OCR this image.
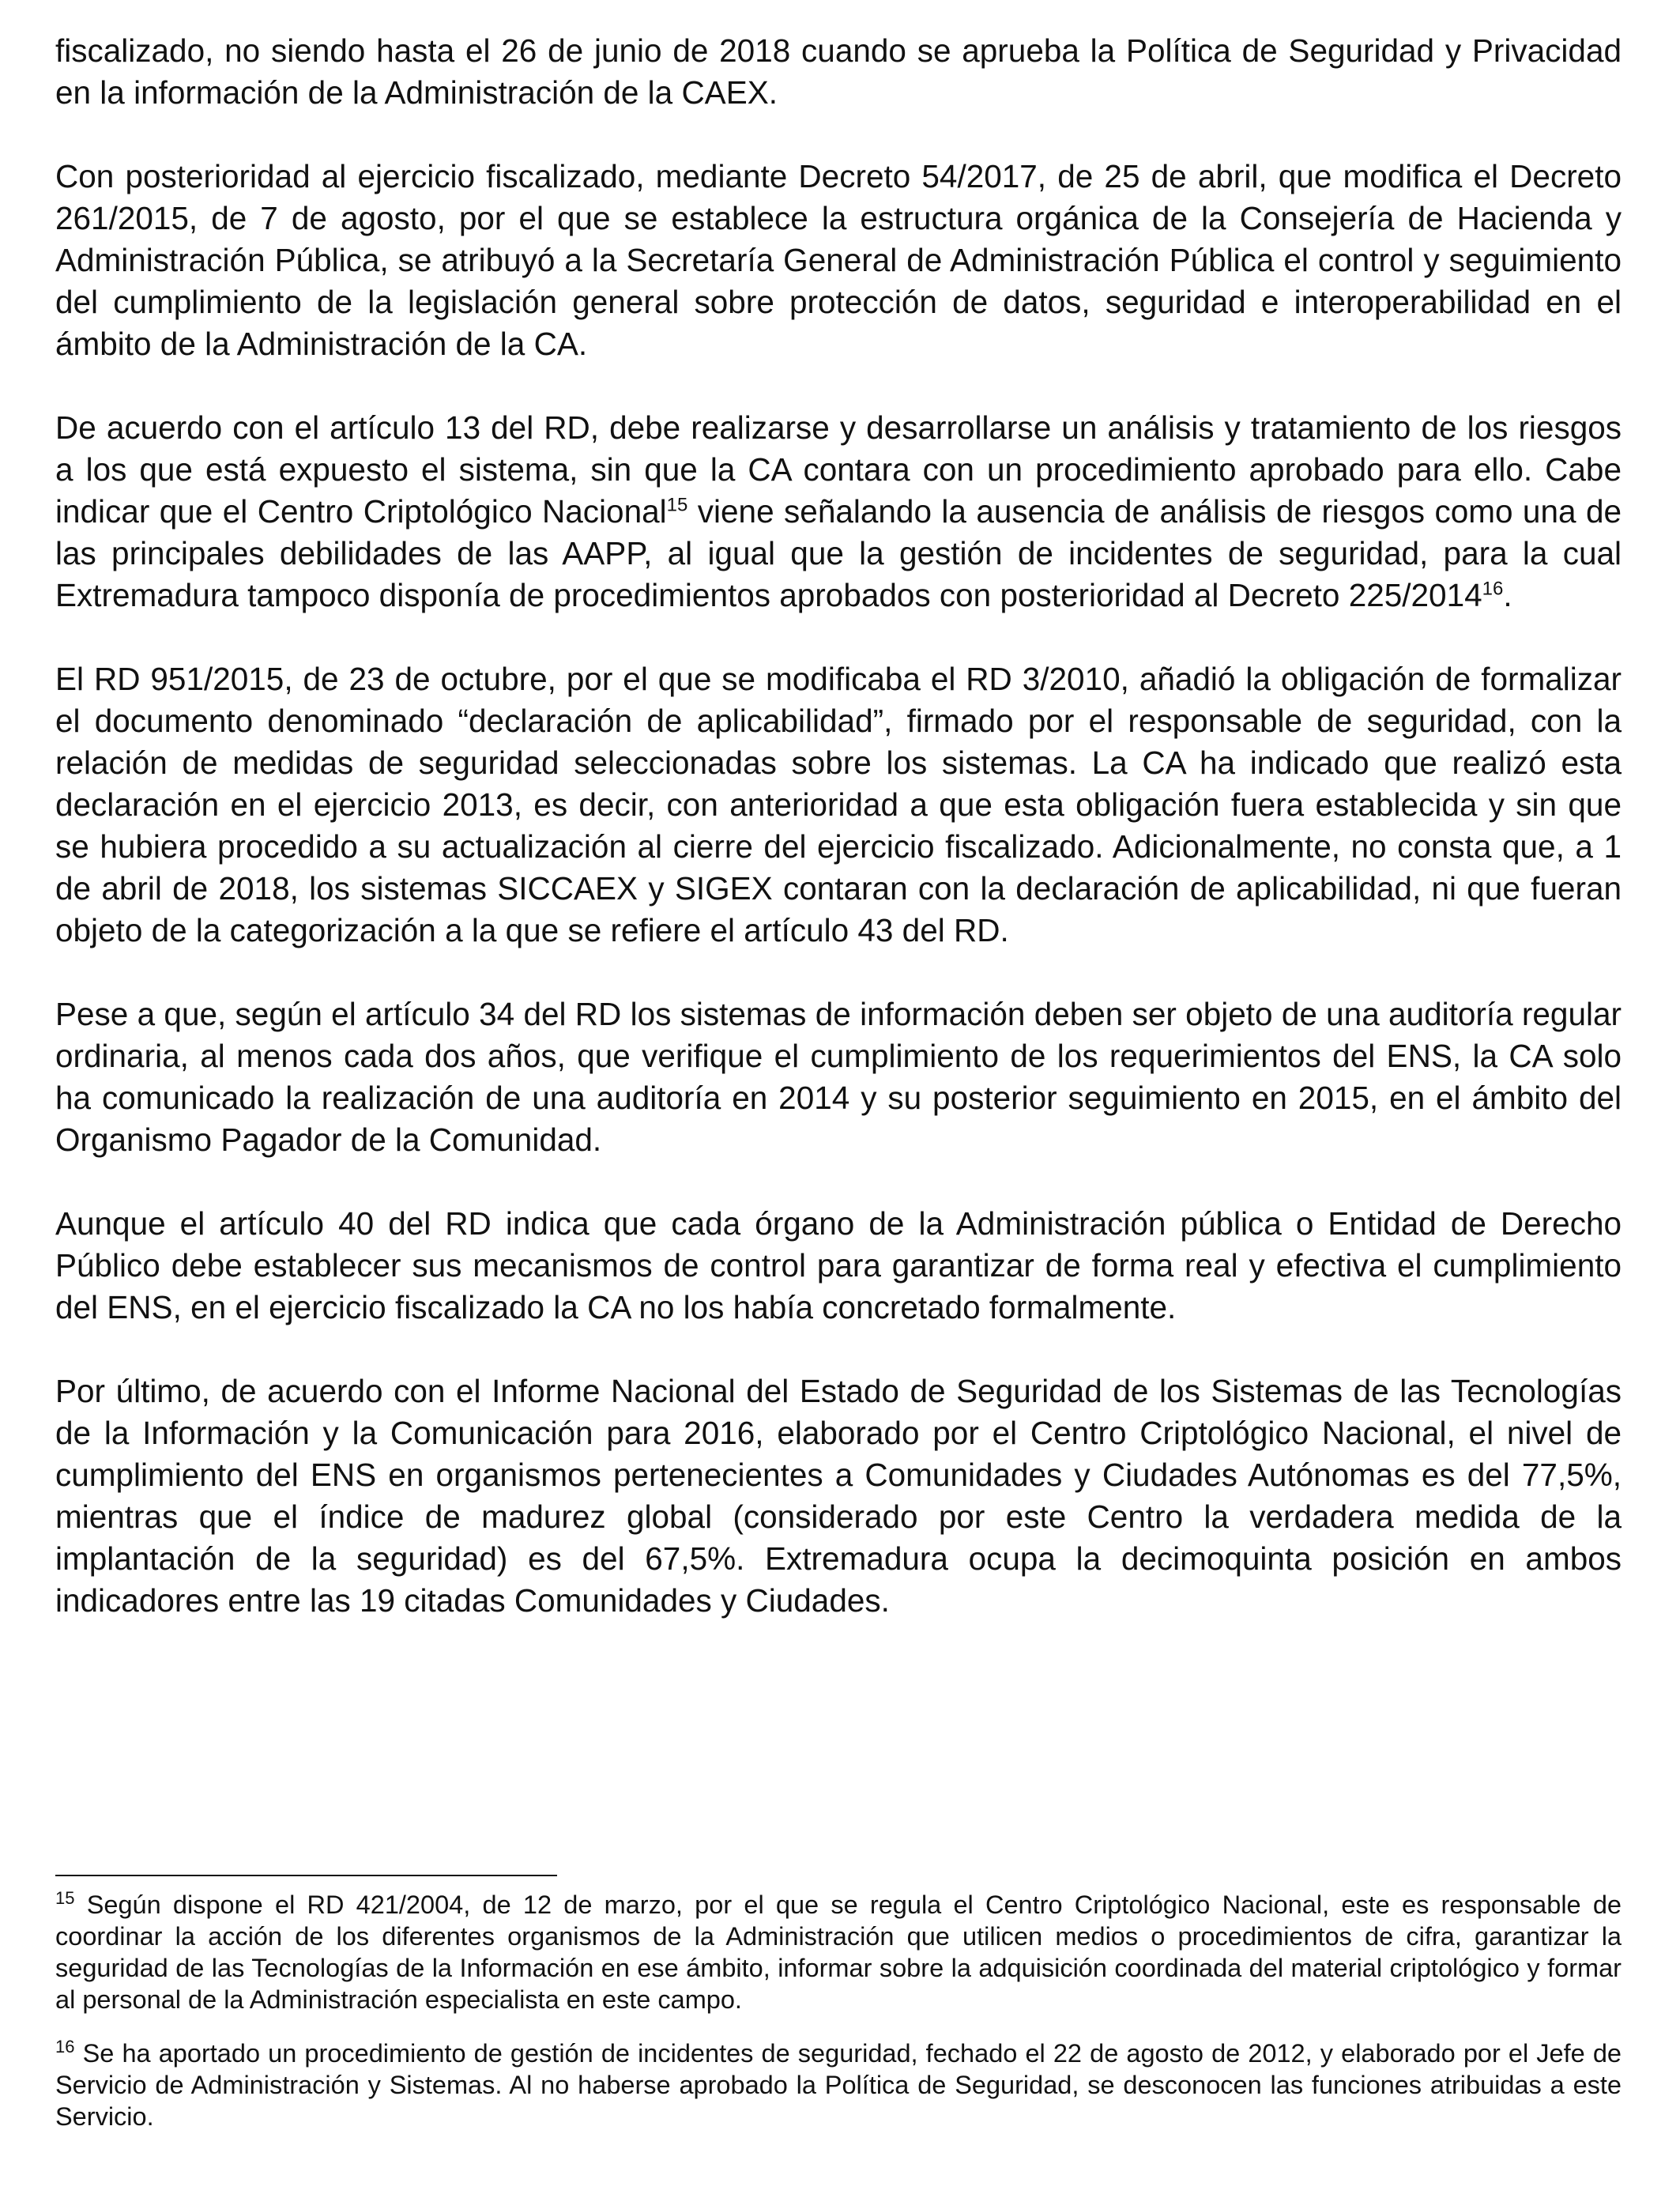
fiscalizado, no siendo hasta el 26 de junio de 2018 cuando se aprueba la Política de Seguridad y Privacidad en la información de la Administración de la CAEX.

Con posterioridad al ejercicio fiscalizado, mediante Decreto 54/2017, de 25 de abril, que modifica el Decreto 261/2015, de 7 de agosto, por el que se establece la estructura orgánica de la Consejería de Hacienda y Administración Pública, se atribuyó a la Secretaría General de Administración Pública el control y seguimiento del cumplimiento de la legislación general sobre protección de datos, seguridad e interoperabilidad en el ámbito de la Administración de la CA.

De acuerdo con el artículo 13 del RD, debe realizarse y desarrollarse un análisis y tratamiento de los riesgos a los que está expuesto el sistema, sin que la CA contara con un procedimiento aprobado para ello. Cabe indicar que el Centro Criptológico Nacional$^{15}$ viene señalando la ausencia de análisis de riesgos como una de las principales debilidades de las AAPP, al igual que la gestión de incidentes de seguridad, para la cual Extremadura tampoco disponía de procedimientos aprobados con posterioridad al Decreto 225/2014$^{16}$.

El RD 951/2015, de 23 de octubre, por el que se modificaba el RD 3/2010, añadió la obligación de formalizar el documento denominado “declaración de aplicabilidad”, firmado por el responsable de seguridad, con la relación de medidas de seguridad seleccionadas sobre los sistemas. La CA ha indicado que realizó esta declaración en el ejercicio 2013, es decir, con anterioridad a que esta obligación fuera establecida y sin que se hubiera procedido a su actualización al cierre del ejercicio fiscalizado. Adicionalmente, no consta que, a 1 de abril de 2018, los sistemas SICCAEX y SIGEX contaran con la declaración de aplicabilidad, ni que fueran objeto de la categorización a la que se refiere el artículo 43 del RD.

Pese a que, según el artículo 34 del RD los sistemas de información deben ser objeto de una auditoría regular ordinaria, al menos cada dos años, que verifique el cumplimiento de los requerimientos del ENS, la CA solo ha comunicado la realización de una auditoría en 2014 y su posterior seguimiento en 2015, en el ámbito del Organismo Pagador de la Comunidad.

Aunque el artículo 40 del RD indica que cada órgano de la Administración pública o Entidad de Derecho Público debe establecer sus mecanismos de control para garantizar de forma real y efectiva el cumplimiento del ENS, en el ejercicio fiscalizado la CA no los había concretado formalmente.

Por último, de acuerdo con el Informe Nacional del Estado de Seguridad de los Sistemas de las Tecnologías de la Información y la Comunicación para 2016, elaborado por el Centro Criptológico Nacional, el nivel de cumplimiento del ENS en organismos pertenecientes a Comunidades y Ciudades Autónomas es del 77,5%, mientras que el índice de madurez global (considerado por este Centro la verdadera medida de la implantación de la seguridad) es del 67,5%. Extremadura ocupa la decimoquinta posición en ambos indicadores entre las 19 citadas Comunidades y Ciudades.

$^{15}$ Según dispone el RD 421/2004, de 12 de marzo, por el que se regula el Centro Criptológico Nacional, este es responsable de coordinar la acción de los diferentes organismos de la Administración que utilicen medios o procedimientos de cifra, garantizar la seguridad de las Tecnologías de la Información en ese ámbito, informar sobre la adquisición coordinada del material criptológico y formar al personal de la Administración especialista en este campo.

$^{16}$ Se ha aportado un procedimiento de gestión de incidentes de seguridad, fechado el 22 de agosto de 2012, y elaborado por el Jefe de Servicio de Administración y Sistemas. Al no haberse aprobado la Política de Seguridad, se desconocen las funciones atribuidas a este Servicio.
